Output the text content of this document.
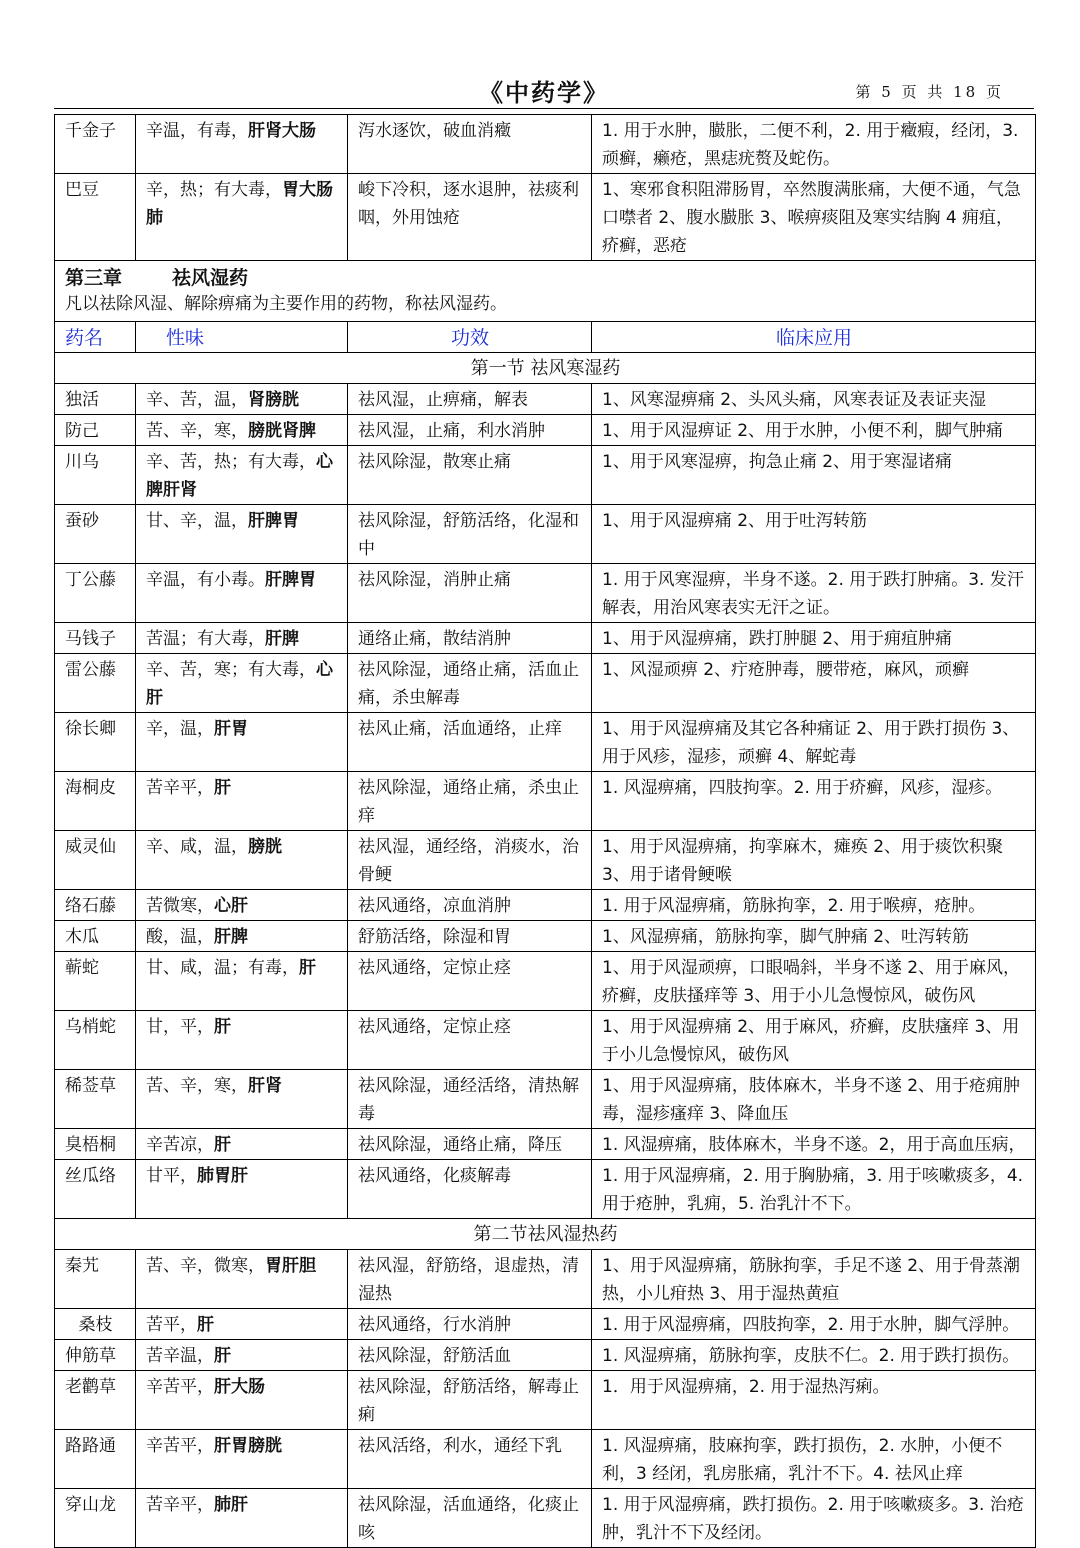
《中药学》	第 5 页 共 18 页
千金子	辛温，有毒，肝肾大肠	泻水逐饮，破血消癥	1. 用于水肿，臌胀，二便不利，2. 用于癥瘕，经闭，3. 顽癣，癞疮，黑痣疣赘及蛇伤。
巴豆	辛，热；有大毒，胃大肠肺	峻下冷积，逐水退肿，祛痰利咽，外用蚀疮	1、寒邪食积阻滞肠胃，卒然腹满胀痛，大便不通，气急口噤者 2、腹水臌胀 3、喉痹痰阻及寒实结胸 4 痈疽，疥癣，恶疮

第三章 祛风湿药
凡以祛除风湿、解除痹痛为主要作用的药物，称祛风湿药。			

药名	性味	功效	临床应用
第一节 祛风寒湿药			
独活	辛、苦，温，肾膀胱	祛风湿，止痹痛，解表	1、风寒湿痹痛 2、头风头痛，风寒表证及表证夹湿
防己	苦、辛，寒，膀胱肾脾	祛风湿，止痛，利水消肿	1、用于风湿痹证 2、用于水肿，小便不利，脚气肿痛
川乌	辛、苦，热；有大毒，心脾肝肾	祛风除湿，散寒止痛	1、用于风寒湿痹，拘急止痛 2、用于寒湿诸痛
蚕砂	甘、辛，温，肝脾胃	祛风除湿，舒筋活络，化湿和中	1、用于风湿痹痛 2、用于吐泻转筋
丁公藤	辛温，有小毒。肝脾胃	祛风除湿，消肿止痛	1. 用于风寒湿痹，半身不遂。2. 用于跌打肿痛。3. 发汗解表，用治风寒表实无汗之证。
马钱子	苦温；有大毒，肝脾	通络止痛，散结消肿	1、用于风湿痹痛，跌打肿腿 2、用于痈疽肿痛
雷公藤	辛、苦，寒；有大毒，心肝	祛风除湿，通络止痛，活血止痛，杀虫解毒	1、风湿顽痹 2、疔疮肿毒，腰带疮，麻风，顽癣
徐长卿	辛，温，肝胃	祛风止痛，活血通络，止痒	1、用于风湿痹痛及其它各种痛证 2、用于跌打损伤 3、用于风疹，湿疹，顽癣 4、解蛇毒
海桐皮	苦辛平，肝	祛风除湿，通络止痛，杀虫止痒	1. 风湿痹痛，四肢拘挛。2. 用于疥癣，风疹，湿疹。
威灵仙	辛、咸，温，膀胱	祛风湿，通经络，消痰水，治骨鲠	1、用于风湿痹痛，拘挛麻木，瘫痪 2、用于痰饮积聚 3、用于诸骨鲠喉
络石藤	苦微寒，心肝	祛风通络，凉血消肿	1. 用于风湿痹痛，筋脉拘挛，2. 用于喉痹，疮肿。
木瓜	酸，温，肝脾	舒筋活络，除湿和胃	1、风湿痹痛，筋脉拘挛，脚气肿痛 2、吐泻转筋
蕲蛇	甘、咸，温；有毒，肝	祛风通络，定惊止痉	1、用于风湿顽痹，口眼喎斜，半身不遂 2、用于麻风，疥癣，皮肤搔痒等 3、用于小儿急慢惊风，破伤风
乌梢蛇	甘，平，肝	祛风通络，定惊止痉	1、用于风湿痹痛 2、用于麻风，疥癣，皮肤瘙痒 3、用于小儿急慢惊风，破伤风
稀莶草	苦、辛，寒，肝肾	祛风除湿，通经活络，清热解毒	1、用于风湿痹痛，肢体麻木，半身不遂 2、用于疮痈肿毒，湿疹瘙痒 3、降血压
臭梧桐	辛苦凉，肝	祛风除湿，通络止痛，降压	1. 风湿痹痛，肢体麻木，半身不遂。2，用于高血压病，
丝瓜络	甘平，肺胃肝	祛风通络，化痰解毒	1. 用于风湿痹痛，2. 用于胸胁痛，3. 用于咳嗽痰多，4. 用于疮肿，乳痈，5. 治乳汁不下。
第二节祛风湿热药			
秦艽	苦、辛，微寒，胃肝胆	祛风湿，舒筋络，退虚热，清湿热	1、用于风湿痹痛，筋脉拘挛，手足不遂 2、用于骨蒸潮热，小儿疳热 3、用于湿热黄疸
桑枝	苦平，肝	祛风通络，行水消肿	1. 用于风湿痹痛，四肢拘挛，2. 用于水肿，脚气浮肿。
伸筋草	苦辛温，肝	祛风除湿，舒筋活血	1. 风湿痹痛，筋脉拘挛，皮肤不仁。2. 用于跌打损伤。
老鹳草	辛苦平，肝大肠	祛风除湿，舒筋活络，解毒止痢	1．用于风湿痹痛，2. 用于湿热泻痢。
路路通	辛苦平，肝胃膀胱	祛风活络，利水，通经下乳	1. 风湿痹痛，肢麻拘挛，跌打损伤，2. 水肿，小便不利，3 经闭，乳房胀痛，乳汁不下。4. 祛风止痒
穿山龙	苦辛平，肺肝	祛风除湿，活血通络，化痰止咳	1. 用于风湿痹痛，跌打损伤。2. 用于咳嗽痰多。3. 治疮肿，乳汁不下及经闭。
